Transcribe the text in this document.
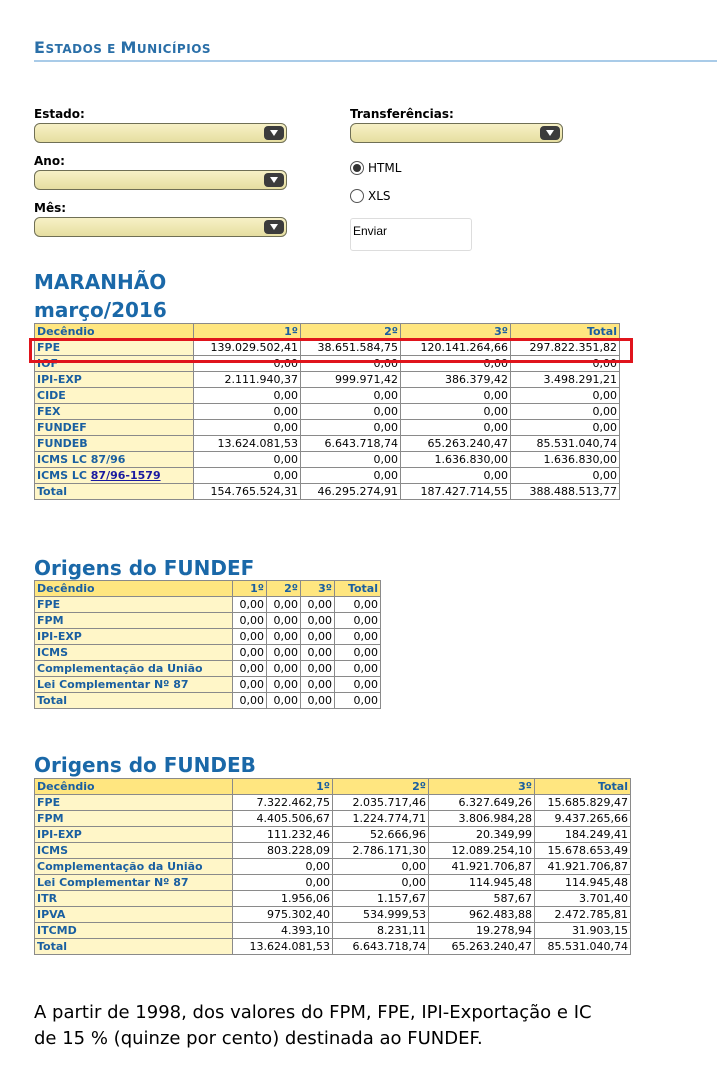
ESTADOS E MUNICÍPIOS
Estado:
Ano:
Mês:
Transferências:
HTML
XLS
Enviar
MARANHÃO
março/2016
Decêndio	1º	2º	3º	Total
FPE	139.029.502,41	38.651.584,75	120.141.264,66	297.822.351,82
IOF	0,00	0,00	0,00	0,00
IPI-EXP	2.111.940,37	999.971,42	386.379,42	3.498.291,21
CIDE	0,00	0,00	0,00	0,00
FEX	0,00	0,00	0,00	0,00
FUNDEF	0,00	0,00	0,00	0,00
FUNDEB	13.624.081,53	6.643.718,74	65.263.240,47	85.531.040,74
ICMS LC 87/96	0,00	0,00	1.636.830,00	1.636.830,00
ICMS LC 87/96-1579	0,00	0,00	0,00	0,00
Total	154.765.524,31	46.295.274,91	187.427.714,55	388.488.513,77
Origens do FUNDEF
Decêndio	1º	2º	3º	Total
FPE	0,00	0,00	0,00	0,00
FPM	0,00	0,00	0,00	0,00
IPI-EXP	0,00	0,00	0,00	0,00
ICMS	0,00	0,00	0,00	0,00
Complementação da União	0,00	0,00	0,00	0,00
Lei Complementar Nº 87	0,00	0,00	0,00	0,00
Total	0,00	0,00	0,00	0,00
Origens do FUNDEB
Decêndio	1º	2º	3º	Total
FPE	7.322.462,75	2.035.717,46	6.327.649,26	15.685.829,47
FPM	4.405.506,67	1.224.774,71	3.806.984,28	9.437.265,66
IPI-EXP	111.232,46	52.666,96	20.349,99	184.249,41
ICMS	803.228,09	2.786.171,30	12.089.254,10	15.678.653,49
Complementação da União	0,00	0,00	41.921.706,87	41.921.706,87
Lei Complementar Nº 87	0,00	0,00	114.945,48	114.945,48
ITR	1.956,06	1.157,67	587,67	3.701,40
IPVA	975.302,40	534.999,53	962.483,88	2.472.785,81
ITCMD	4.393,10	8.231,11	19.278,94	31.903,15
Total	13.624.081,53	6.643.718,74	65.263.240,47	85.531.040,74
A partir de 1998, dos valores do FPM, FPE, IPI-Exportação e IC
de 15 % (quinze por cento) destinada ao FUNDEF.
